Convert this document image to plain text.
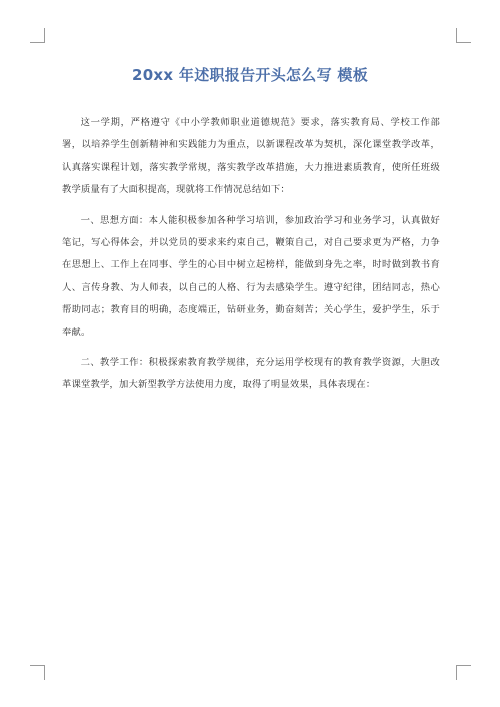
20xx 年述职报告开头怎么写 模板

这一学期，严格遵守《中小学教师职业道德规范》要求，落实教育局、学校工作部署，以培养学生创新精神和实践能力为重点，以新课程改革为契机，深化课堂教学改革，认真落实课程计划，落实教学常规，落实教学改革措施，大力推进素质教育，使所任班级教学质量有了大面积提高，现就将工作情况总结如下：

一、思想方面：本人能积极参加各种学习培训，参加政治学习和业务学习，认真做好笔记，写心得体会，并以党员的要求来约束自己，鞭策自己，对自己要求更为严格，力争在思想上、工作上在同事、学生的心目中树立起榜样，能做到身先之率，时时做到教书育人、言传身教、为人师表，以自己的人格、行为去感染学生。遵守纪律，团结同志，热心帮助同志；教育目的明确，态度端正，钻研业务，勤奋刻苦；关心学生，爱护学生，乐于奉献。

二、教学工作：积极探索教育教学规律，充分运用学校现有的教育教学资源，大胆改革课堂教学，加大新型教学方法使用力度，取得了明显效果，具体表现在：
